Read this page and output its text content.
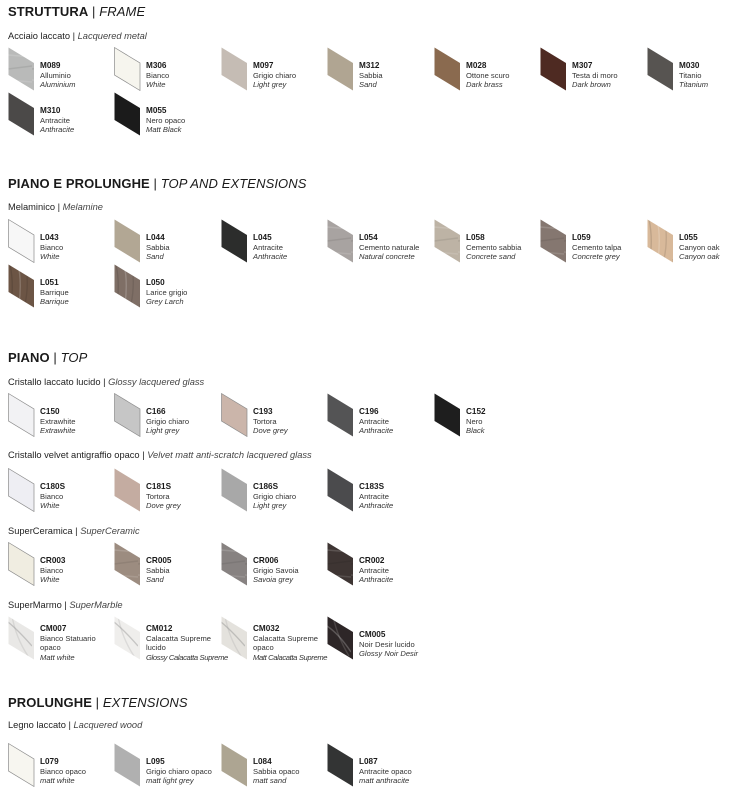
STRUTTURA | FRAME
Acciaio laccato | Lacquered metal
M089
Alluminio
Aluminium
M306
Bianco
White
M097
Grigio chiaro
Light grey
M312
Sabbia
Sand
M028
Ottone scuro
Dark brass
M307
Testa di moro
Dark brown
M030
Titanio
Titanium
M310
Antracite
Anthracite
M055
Nero opaco
Matt Black
PIANO E PROLUNGHE | TOP AND EXTENSIONS
Melaminico | Melamine
L043
Bianco
White
L044
Sabbia
Sand
L045
Antracite
Anthracite
L054
Cemento naturale
Natural concrete
L058
Cemento sabbia
Concrete sand
L059
Cemento talpa
Concrete grey
L055
Canyon oak
Canyon oak
L051
Barrique
Barrique
L050
Larice grigio
Grey Larch
PIANO | TOP
Cristallo laccato lucido | Glossy lacquered glass
C150
Extrawhite
Extrawhite
C166
Grigio chiaro
Light grey
C193
Tortora
Dove grey
C196
Antracite
Anthracite
C152
Nero
Black
Cristallo velvet antigraffio opaco | Velvet matt anti-scratch lacquered glass
C180S
Bianco
White
C181S
Tortora
Dove grey
C186S
Grigio chiaro
Light grey
C183S
Antracite
Anthracite
SuperCeramica | SuperCeramic
CR003
Bianco
White
CR005
Sabbia
Sand
CR006
Grigio Savoia
Savoia grey
CR002
Antracite
Anthracite
SuperMarmo | SuperMarble
CM007
Bianco Statuario opaco
Matt white
CM012
Calacatta Supreme lucido
Glossy Calacatta Supreme
CM032
Calacatta Supreme opaco
Matt Calacatta Supreme
CM005
Noir Desir lucido
Glossy Noir Desir
PROLUNGHE | EXTENSIONS
Legno laccato | Lacquered wood
L079
Bianco opaco
matt white
L095
Grigio chiaro opaco
matt light grey
L084
Sabbia opaco
matt sand
L087
Antracite opaco
matt anthracite
